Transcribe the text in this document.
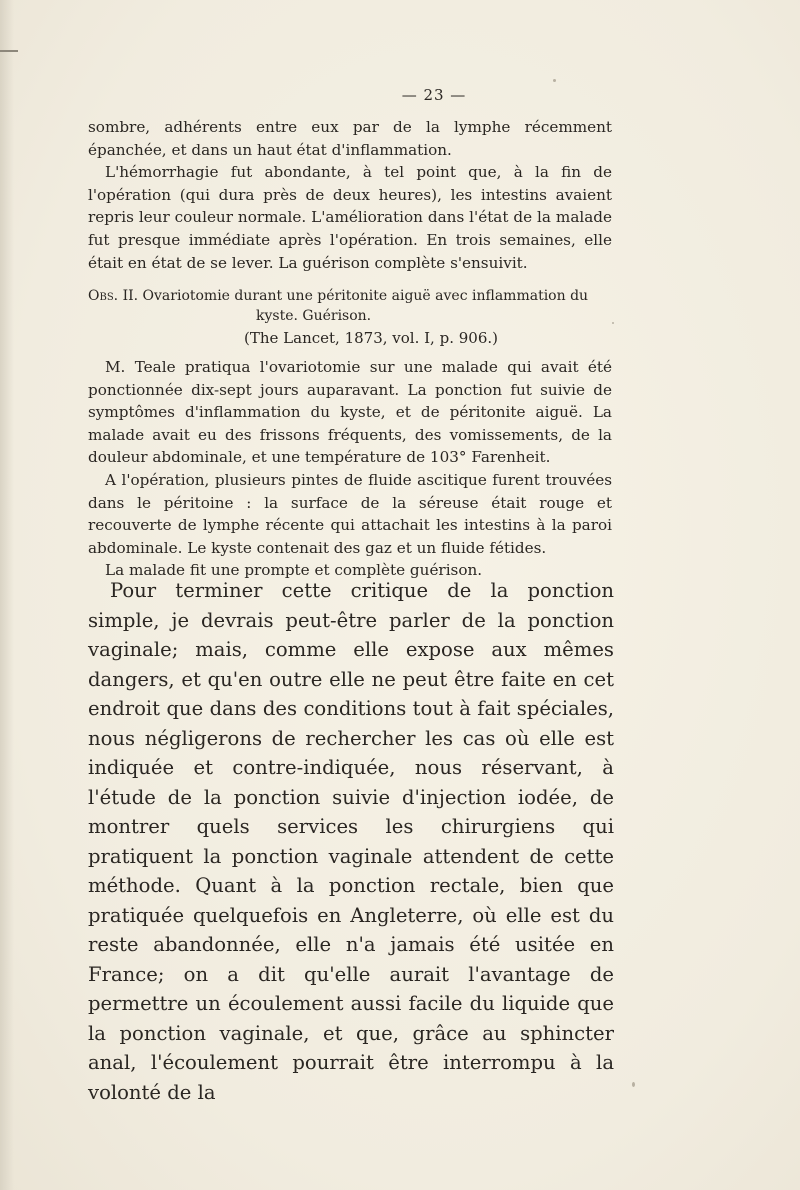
— 23 —

sombre, adhérents entre eux par de la lymphe récemment épanchée, et dans un haut état d'inflammation.

L'hémorrhagie fut abondante, à tel point que, à la fin de l'opération (qui dura près de deux heures), les intestins avaient repris leur couleur normale. L'amélioration dans l'état de la malade fut presque immédiate après l'opération. En trois semaines, elle était en état de se lever. La guérison complète s'ensuivit.

Obs. II. Ovariotomie durant une péritonite aiguë avec inflammation du
kyste. Guérison.
(The Lancet, 1873, vol. I, p. 906.)

M. Teale pratiqua l'ovariotomie sur une malade qui avait été ponctionnée dix-sept jours auparavant. La ponction fut suivie de symptômes d'inflammation du kyste, et de péritonite aiguë. La malade avait eu des frissons fréquents, des vomissements, de la douleur abdominale, et une température de 103° Farenheit.

A l'opération, plusieurs pintes de fluide ascitique furent trouvées dans le péritoine : la surface de la séreuse était rouge et recouverte de lymphe récente qui attachait les intestins à la paroi abdominale. Le kyste contenait des gaz et un fluide fétides.

La malade fit une prompte et complète guérison.

Pour terminer cette critique de la ponction simple, je devrais peut-être parler de la ponction vaginale; mais, comme elle expose aux mêmes dangers, et qu'en outre elle ne peut être faite en cet endroit que dans des conditions tout à fait spéciales, nous négligerons de rechercher les cas où elle est indiquée et contre-indiquée, nous réservant, à l'étude de la ponction suivie d'injection iodée, de montrer quels services les chirurgiens qui pratiquent la ponction vaginale attendent de cette méthode. Quant à la ponction rectale, bien que pratiquée quelquefois en Angleterre, où elle est du reste abandonnée, elle n'a jamais été usitée en France; on a dit qu'elle aurait l'avantage de permettre un écoulement aussi facile du liquide que la ponction vaginale, et que, grâce au sphincter anal, l'écoulement pourrait être interrompu à la volonté de la
